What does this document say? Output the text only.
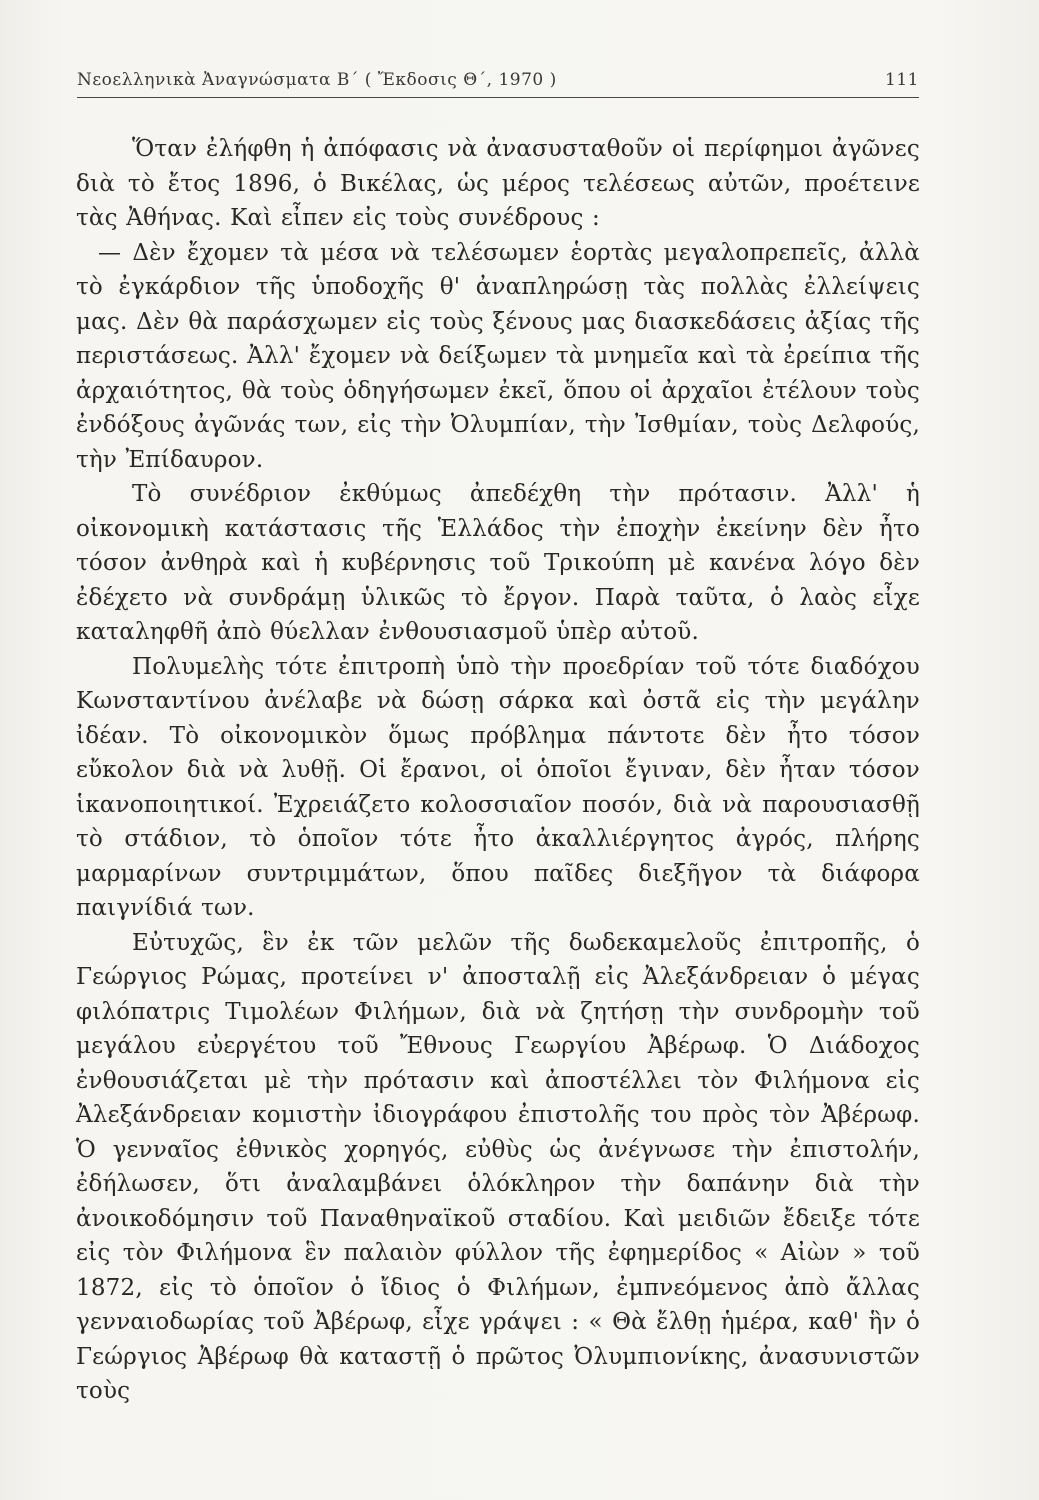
Νεοελληνικὰ Ἀναγνώσματα Β΄ ( Ἔκδοσις Θ΄, 1970 )	111

Ὅταν ἐλήφθη ἡ ἀπόφασις νὰ ἀνασυσταθοῦν οἱ περίφημοι ἀγῶνες διὰ τὸ ἔτος 1896, ὁ Βικέλας, ὡς μέρος τελέσεως αὐτῶν, προέτεινε τὰς Ἀθήνας. Καὶ εἶπεν εἰς τοὺς συνέδρους :

— Δὲν ἔχομεν τὰ μέσα νὰ τελέσωμεν ἑορτὰς μεγαλοπρεπεῖς, ἀλλὰ τὸ ἐγκάρδιον τῆς ὑποδοχῆς θ' ἀναπληρώσῃ τὰς πολλὰς ἐλλείψεις μας. Δὲν θὰ παράσχωμεν εἰς τοὺς ξένους μας διασκεδάσεις ἀξίας τῆς περιστάσεως. Ἀλλ' ἔχομεν νὰ δείξωμεν τὰ μνημεῖα καὶ τὰ ἐρείπια τῆς ἀρχαιότητος, θὰ τοὺς ὁδηγήσωμεν ἐκεῖ, ὅπου οἱ ἀρχαῖοι ἐτέλουν τοὺς ἐνδόξους ἀγῶνάς των, εἰς τὴν Ὀλυμπίαν, τὴν Ἰσθμίαν, τοὺς Δελφούς, τὴν Ἐπίδαυρον.

Τὸ συνέδριον ἐκθύμως ἀπεδέχθη τὴν πρότασιν. Ἀλλ' ἡ οἰκονομικὴ κατάστασις τῆς Ἑλλάδος τὴν ἐποχὴν ἐκείνην δὲν ἦτο τόσον ἀνθηρὰ καὶ ἡ κυβέρνησις τοῦ Τρικούπη μὲ κανένα λόγο δὲν ἐδέχετο νὰ συνδράμῃ ὑλικῶς τὸ ἔργον. Παρὰ ταῦτα, ὁ λαὸς εἶχε καταληφθῆ ἀπὸ θύελλαν ἐνθουσιασμοῦ ὑπὲρ αὐτοῦ.

Πολυμελὴς τότε ἐπιτροπὴ ὑπὸ τὴν προεδρίαν τοῦ τότε διαδόχου Κωνσταντίνου ἀνέλαβε νὰ δώσῃ σάρκα καὶ ὀστᾶ εἰς τὴν μεγάλην ἰδέαν. Τὸ οἰκονομικὸν ὅμως πρόβλημα πάντοτε δὲν ἦτο τόσον εὔκολον διὰ νὰ λυθῇ. Οἱ ἔρανοι, οἱ ὁποῖοι ἔγιναν, δὲν ἦταν τόσον ἱκανοποιητικοί. Ἐχρειάζετο κολοσσιαῖον ποσόν, διὰ νὰ παρουσιασθῇ τὸ στάδιον, τὸ ὁποῖον τότε ἦτο ἀκαλλιέργητος ἀγρός, πλήρης μαρμαρίνων συντριμμάτων, ὅπου παῖδες διεξῆγον τὰ διάφορα παιγνίδιά των.

Εὐτυχῶς, ἓν ἐκ τῶν μελῶν τῆς δωδεκαμελοῦς ἐπιτροπῆς, ὁ Γεώργιος Ρώμας, προτείνει ν' ἀποσταλῇ εἰς Ἀλεξάνδρειαν ὁ μέγας φιλόπατρις Τιμολέων Φιλήμων, διὰ νὰ ζητήσῃ τὴν συνδρομὴν τοῦ μεγάλου εὐεργέτου τοῦ Ἔθνους Γεωργίου Ἀβέρωφ. Ὁ Διάδοχος ἐνθουσιάζεται μὲ τὴν πρότασιν καὶ ἀποστέλλει τὸν Φιλήμονα εἰς Ἀλεξάνδρειαν κομιστὴν ἰδιογράφου ἐπιστολῆς του πρὸς τὸν Ἀβέρωφ. Ὁ γενναῖος ἐθνικὸς χορηγός, εὐθὺς ὡς ἀνέγνωσε τὴν ἐπιστολήν, ἐδήλωσεν, ὅτι ἀναλαμβάνει ὁλόκληρον τὴν δαπάνην διὰ τὴν ἀνοικοδόμησιν τοῦ Παναθηναϊκοῦ σταδίου. Καὶ μειδιῶν ἔδειξε τότε εἰς τὸν Φιλήμονα ἓν παλαιὸν φύλλον τῆς ἐφημερίδος « Αἰὼν » τοῦ 1872, εἰς τὸ ὁποῖον ὁ ἴδιος ὁ Φιλήμων, ἐμπνεόμενος ἀπὸ ἄλλας γενναιοδωρίας τοῦ Ἀβέρωφ, εἶχε γράψει : « Θὰ ἔλθῃ ἡμέρα, καθ' ἣν ὁ Γεώργιος Ἀβέρωφ θὰ καταστῇ ὁ πρῶτος Ὀλυμπιονίκης, ἀνασυνιστῶν τοὺς
